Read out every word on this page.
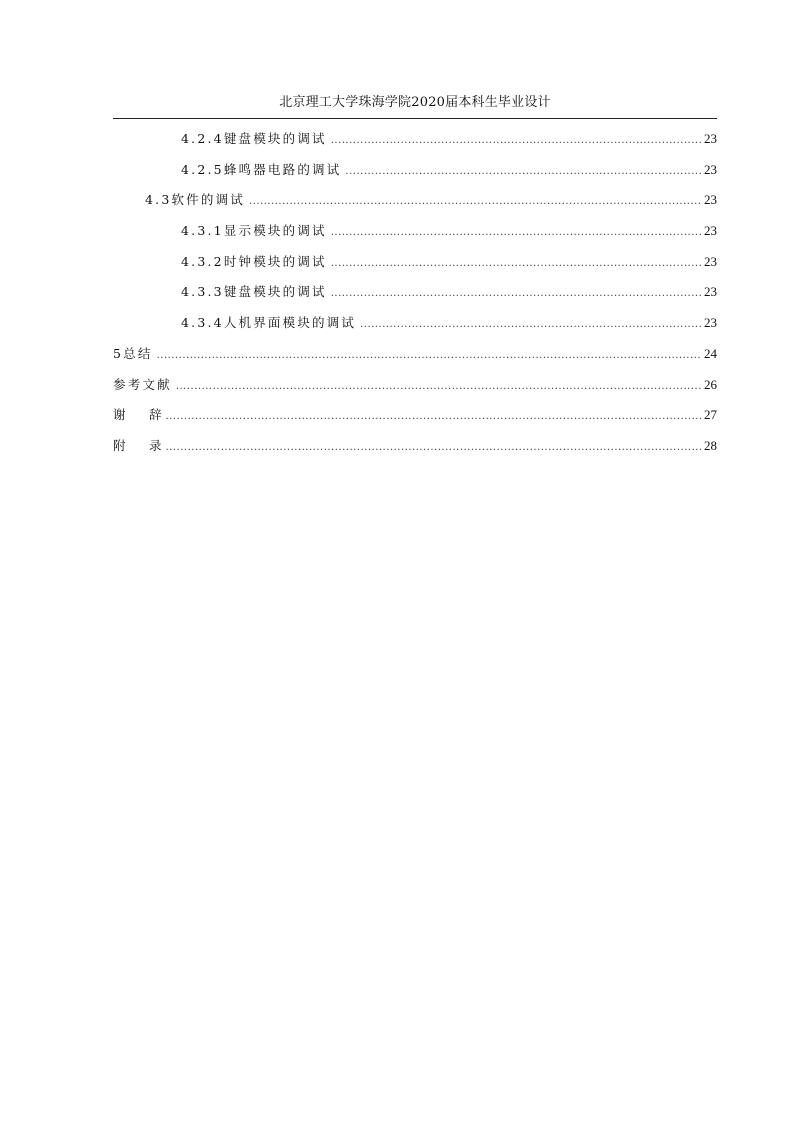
北京理工大学珠海学院2020届本科生毕业设计
4.2.4键盘模块的调试 .....	23
4.2.5蜂鸣器电路的调试 .....	23
4.3软件的调试 .....	23
4.3.1显示模块的调试 .....	23
4.3.2时钟模块的调试 .....	23
4.3.3键盘模块的调试 .....	23
4.3.4人机界面模块的调试 .....	23
5总结 .....	24
参考文献 .....	26
谢 辞 .....	27
附 录 .....	28
